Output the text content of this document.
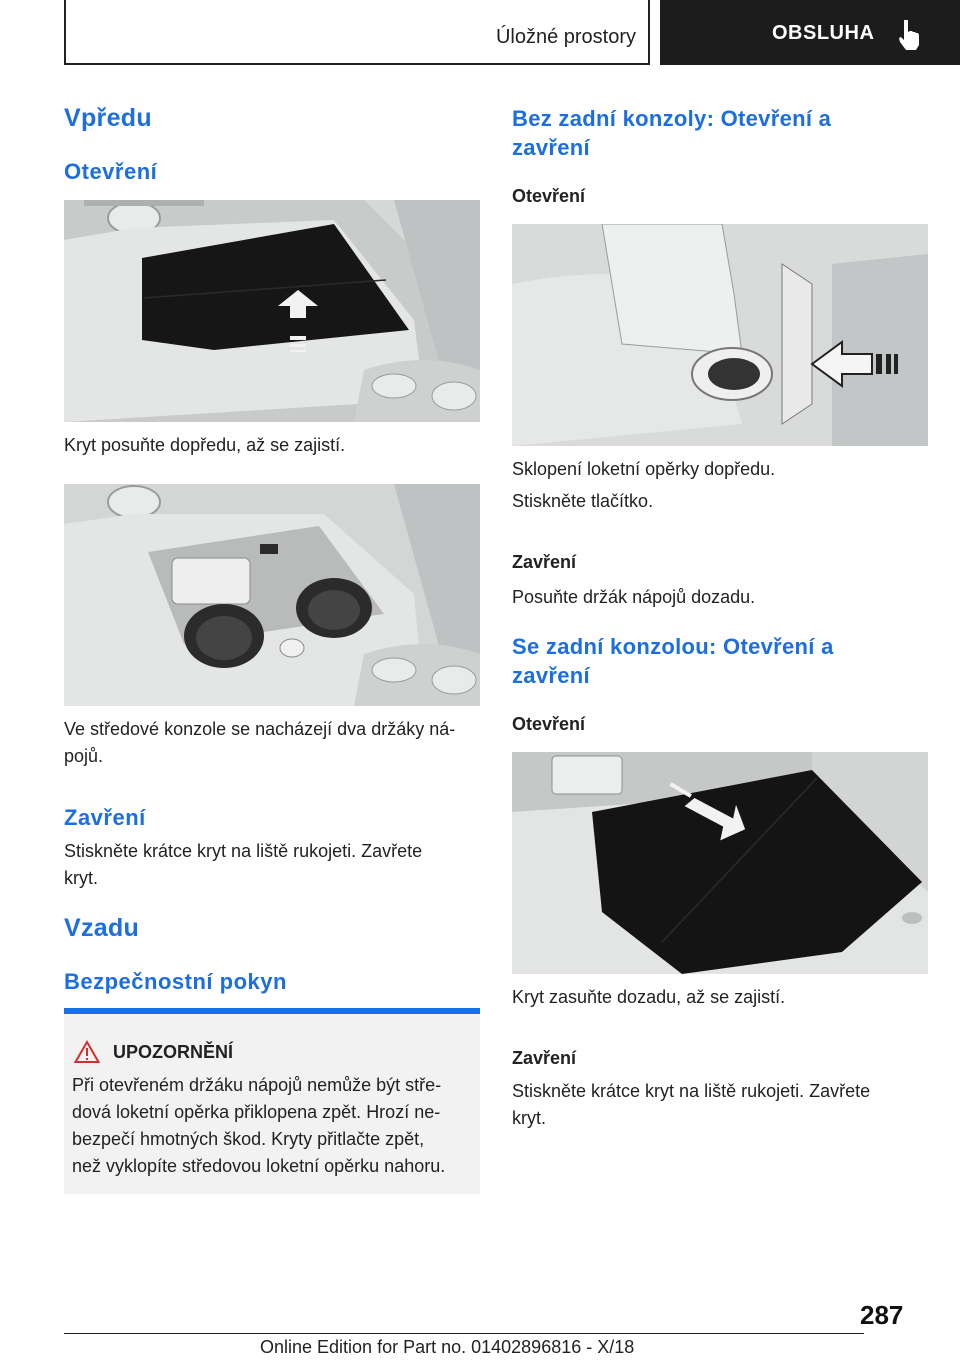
Úložné prostory	OBSLUHA
Vpředu
Otevření
Kryt posuňte dopředu, až se zajistí.
Ve středové konzole se nacházejí dva držáky ná-
pojů.
Zavření
Stiskněte krátce kryt na liště rukojeti. Zavřete
kryt.
Vzadu
Bezpečnostní pokyn
UPOZORNĚNÍ
Při otevřeném držáku nápojů nemůže být stře-
dová loketní opěrka přiklopena zpět. Hrozí ne-
bezpečí hmotných škod. Kryty přitlačte zpět,
než vyklopíte středovou loketní opěrku nahoru.
Bez zadní konzoly: Otevření a
zavření
Otevření
Sklopení loketní opěrky dopředu.
Stiskněte tlačítko.
Zavření
Posuňte držák nápojů dozadu.
Se zadní konzolou: Otevření a
zavření
Otevření
Kryt zasuňte dozadu, až se zajistí.
Zavření
Stiskněte krátce kryt na liště rukojeti. Zavřete
kryt.
287
Online Edition for Part no. 01402896816 - X/18
